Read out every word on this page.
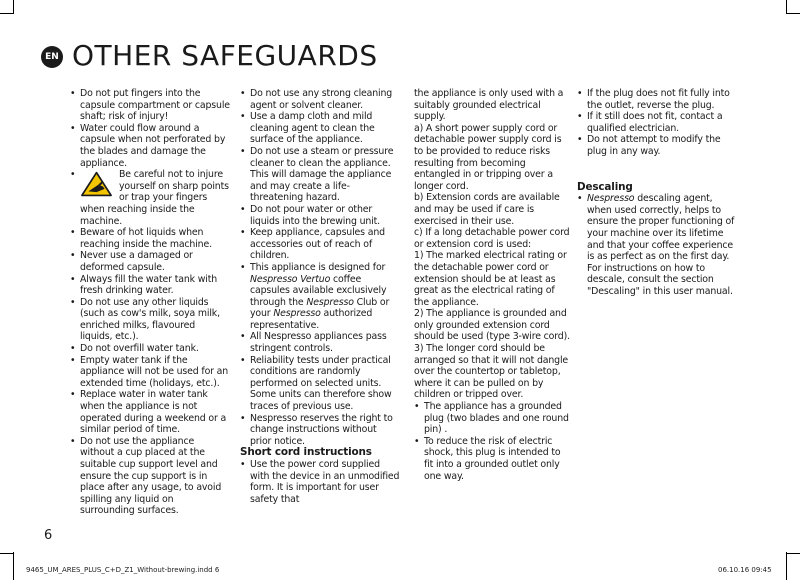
EN OTHER SAFEGUARDS
• Do not put fingers into the capsule compartment or capsule shaft; risk of injury!
• Water could flow around a capsule when not perforated by the blades and damage the appliance.
• Be careful not to injure yourself on sharp points or trap your fingers when reaching inside the machine.
• Beware of hot liquids when reaching inside the machine.
• Never use a damaged or deformed capsule.
• Always fill the water tank with fresh drinking water.
• Do not use any other liquids (such as cow's milk, soya milk, enriched milks, flavoured liquids, etc.).
• Do not overfill water tank.
• Empty water tank if the appliance will not be used for an extended time (holidays, etc.).
• Replace water in water tank when the appliance is not operated during a weekend or a similar period of time.
• Do not use the appliance without a cup placed at the suitable cup support level and ensure the cup support is in place after any usage, to avoid spilling any liquid on surrounding surfaces.
• Do not use any strong cleaning agent or solvent cleaner.
• Use a damp cloth and mild cleaning agent to clean the surface of the appliance.
• Do not use a steam or pressure cleaner to clean the appliance. This will damage the appliance and may create a life-threatening hazard.
• Do not pour water or other liquids into the brewing unit.
• Keep appliance, capsules and accessories out of reach of children.
• This appliance is designed for Nespresso Vertuo coffee capsules available exclusively through the Nespresso Club or your Nespresso authorized representative.
• All Nespresso appliances pass stringent controls.
• Reliability tests under practical conditions are randomly performed on selected units. Some units can therefore show traces of previous use.
• Nespresso reserves the right to change instructions without prior notice.

Short cord instructions

• Use the power cord supplied with the device in an unmodified form. It is important for user safety that

the appliance is only used with a suitably grounded electrical supply.

a) A short power supply cord or detachable power supply cord is to be provided to reduce risks resulting from becoming entangled in or tripping over a longer cord.

b) Extension cords are available and may be used if care is exercised in their use.

c) If a long detachable power cord or extension cord is used:

1) The marked electrical rating or the detachable power cord or extension should be at least as great as the electrical rating of the appliance.

2) The appliance is grounded and only grounded extension cord should be used (type 3-wire cord).

3) The longer cord should be arranged so that it will not dangle over the countertop or tabletop, where it can be pulled on by children or tripped over.

• The appliance has a grounded plug (two blades and one round pin) .
• To reduce the risk of electric shock, this plug is intended to fit into a grounded outlet only one way.
• If the plug does not fit fully into the outlet, reverse the plug.
• If it still does not fit, contact a qualified electrician.
• Do not attempt to modify the plug in any way.

Descaling

• Nespresso descaling agent, when used correctly, helps to ensure the proper functioning of your machine over its lifetime and that your coffee experience is as perfect as on the first day. For instructions on how to descale, consult the section "Descaling" in this user manual.
6
9465_UM_ARES_PLUS_C+D_Z1_Without-brewing.indd 6	06.10.16 09:45
